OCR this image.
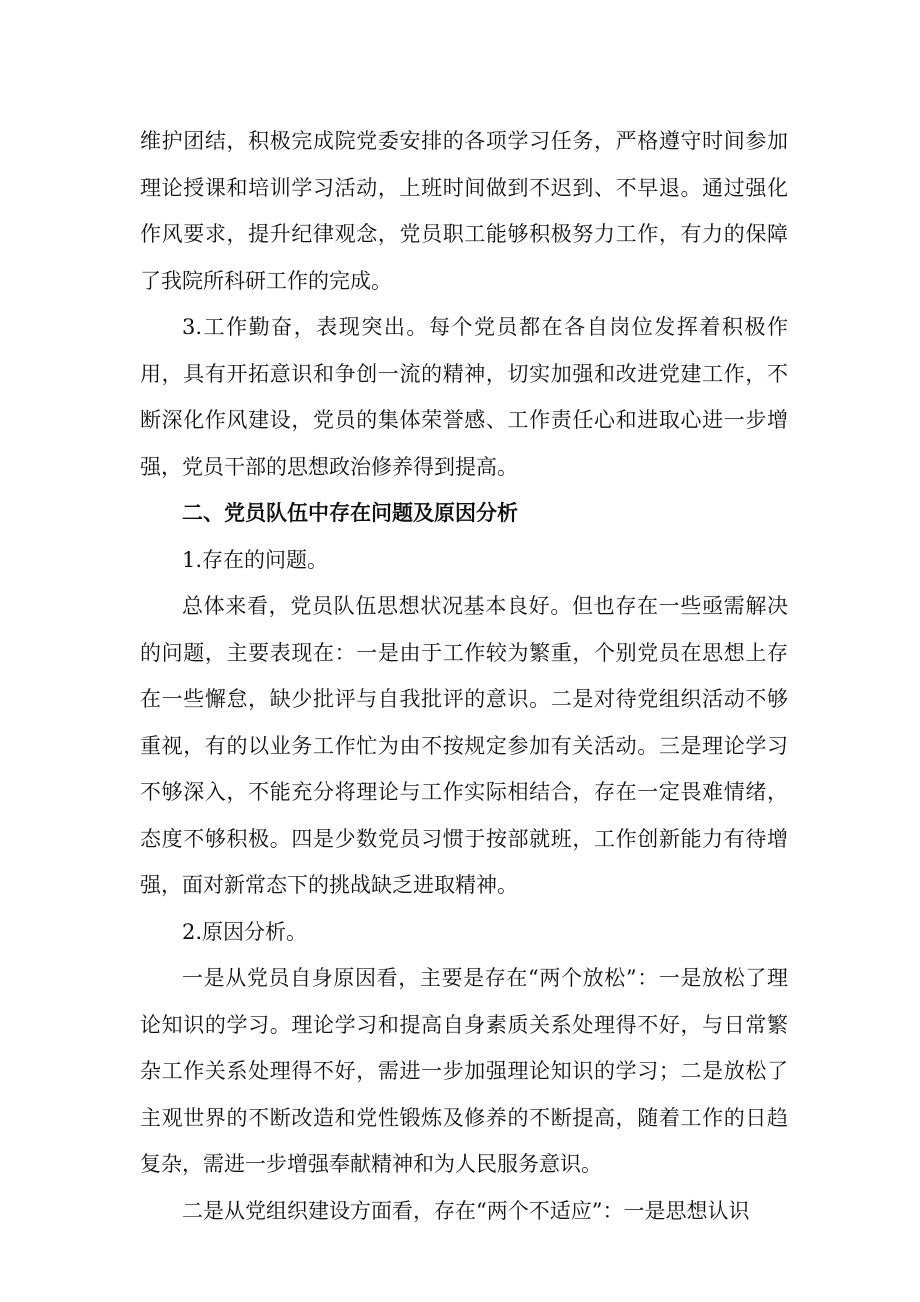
维护团结，积极完成院党委安排的各项学习任务，严格遵守时间参加理论授课和培训学习活动，上班时间做到不迟到、不早退。通过强化作风要求，提升纪律观念，党员职工能够积极努力工作，有力的保障了我院所科研工作的完成。

3.工作勤奋，表现突出。每个党员都在各自岗位发挥着积极作用，具有开拓意识和争创一流的精神，切实加强和改进党建工作，不断深化作风建设，党员的集体荣誉感、工作责任心和进取心进一步增强，党员干部的思想政治修养得到提高。

二、党员队伍中存在问题及原因分析

1.存在的问题。

总体来看，党员队伍思想状况基本良好。但也存在一些亟需解决的问题，主要表现在：一是由于工作较为繁重，个别党员在思想上存在一些懈怠，缺少批评与自我批评的意识。二是对待党组织活动不够重视，有的以业务工作忙为由不按规定参加有关活动。三是理论学习不够深入，不能充分将理论与工作实际相结合，存在一定畏难情绪，态度不够积极。四是少数党员习惯于按部就班，工作创新能力有待增强，面对新常态下的挑战缺乏进取精神。

2.原因分析。

一是从党员自身原因看，主要是存在“两个放松”：一是放松了理论知识的学习。理论学习和提高自身素质关系处理得不好，与日常繁杂工作关系处理得不好，需进一步加强理论知识的学习；二是放松了主观世界的不断改造和党性锻炼及修养的不断提高，随着工作的日趋复杂，需进一步增强奉献精神和为人民服务意识。

二是从党组织建设方面看，存在“两个不适应”：一是思想认识
